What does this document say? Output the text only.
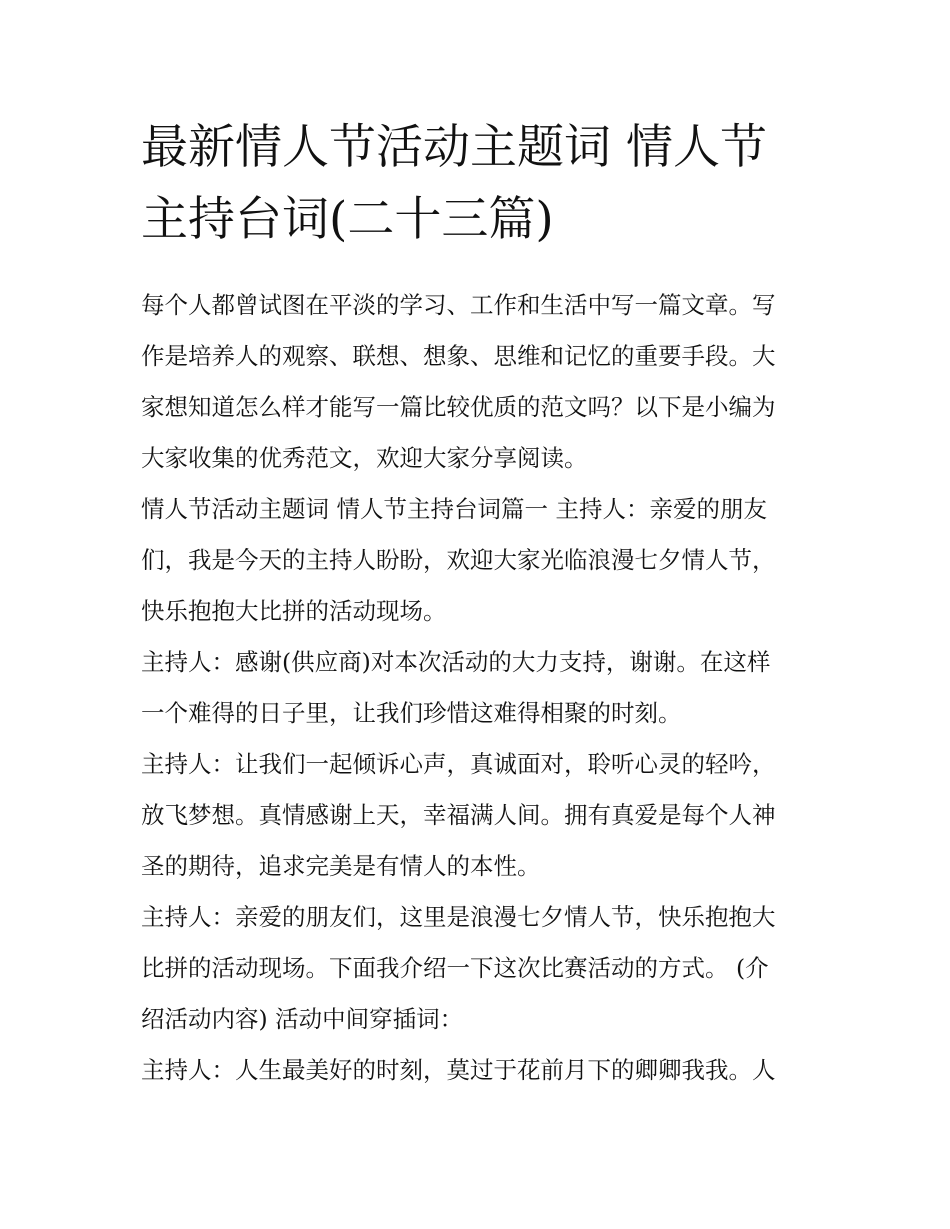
最新情人节活动主题词 情人节
主持台词(二十三篇)

每个人都曾试图在平淡的学习、工作和生活中写一篇文章。写
作是培养人的观察、联想、想象、思维和记忆的重要手段。大
家想知道怎么样才能写一篇比较优质的范文吗？以下是小编为
大家收集的优秀范文，欢迎大家分享阅读。

情人节活动主题词 情人节主持台词篇一 主持人：亲爱的朋友
们，我是今天的主持人盼盼，欢迎大家光临浪漫七夕情人节，
快乐抱抱大比拼的活动现场。

主持人：感谢(供应商)对本次活动的大力支持，谢谢。在这样
一个难得的日子里，让我们珍惜这难得相聚的时刻。

主持人：让我们一起倾诉心声，真诚面对，聆听心灵的轻吟，
放飞梦想。真情感谢上天，幸福满人间。拥有真爱是每个人神
圣的期待，追求完美是有情人的本性。

主持人：亲爱的朋友们，这里是浪漫七夕情人节，快乐抱抱大
比拼的活动现场。下面我介绍一下这次比赛活动的方式。 (介
绍活动内容) 活动中间穿插词：

主持人：人生最美好的时刻，莫过于花前月下的卿卿我我。人
